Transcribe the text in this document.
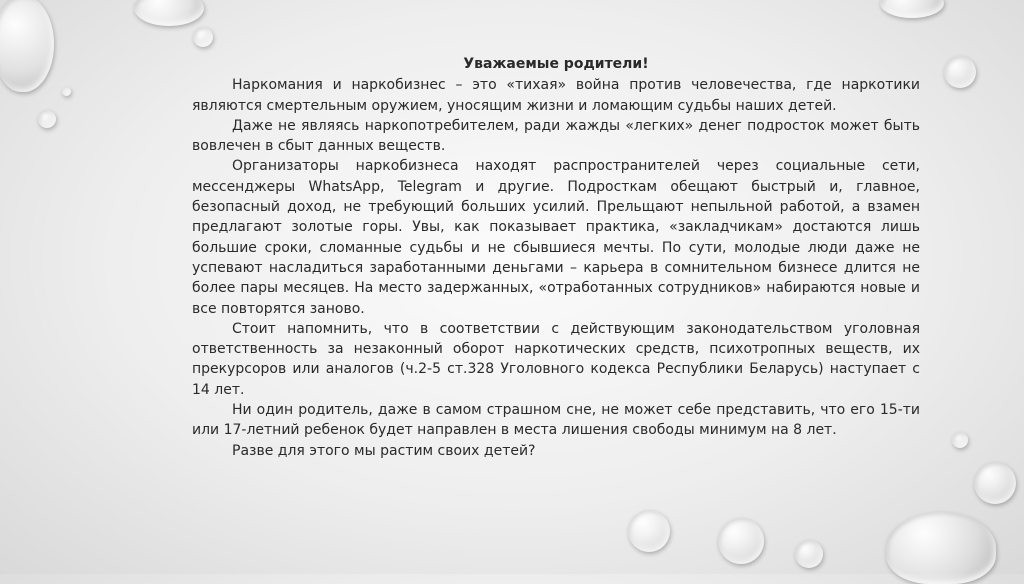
Уважаемые родители!

Наркомания и наркобизнес – это «тихая» война против человечества, где наркотики являются смертельным оружием, уносящим жизни и ломающим судьбы наших детей.

Даже не являясь наркопотребителем, ради жажды «легких» денег подросток может быть вовлечен в сбыт данных веществ.

Организаторы наркобизнеса находят распространителей через социальные сети, мессенджеры WhatsApp, Telegram и другие. Подросткам обещают быстрый и, главное, безопасный доход, не требующий больших усилий. Прельщают непыльной работой, а взамен предлагают золотые горы. Увы, как показывает практика, «закладчикам» достаются лишь большие сроки, сломанные судьбы и не сбывшиеся мечты. По сути, молодые люди даже не успевают насладиться заработанными деньгами – карьера в сомнительном бизнесе длится не более пары месяцев. На место задержанных, «отработанных сотрудников» набираются новые и все повторятся заново.

Стоит напомнить, что в соответствии с действующим законодательством уголовная ответственность за незаконный оборот наркотических средств, психотропных веществ, их прекурсоров или аналогов (ч.2-5 ст.328 Уголовного кодекса Республики Беларусь) наступает с 14 лет.

Ни один родитель, даже в самом страшном сне, не может себе представить, что его 15-ти или 17-летний ребенок будет направлен в места лишения свободы минимум на 8 лет.

Разве для этого мы растим своих детей?
